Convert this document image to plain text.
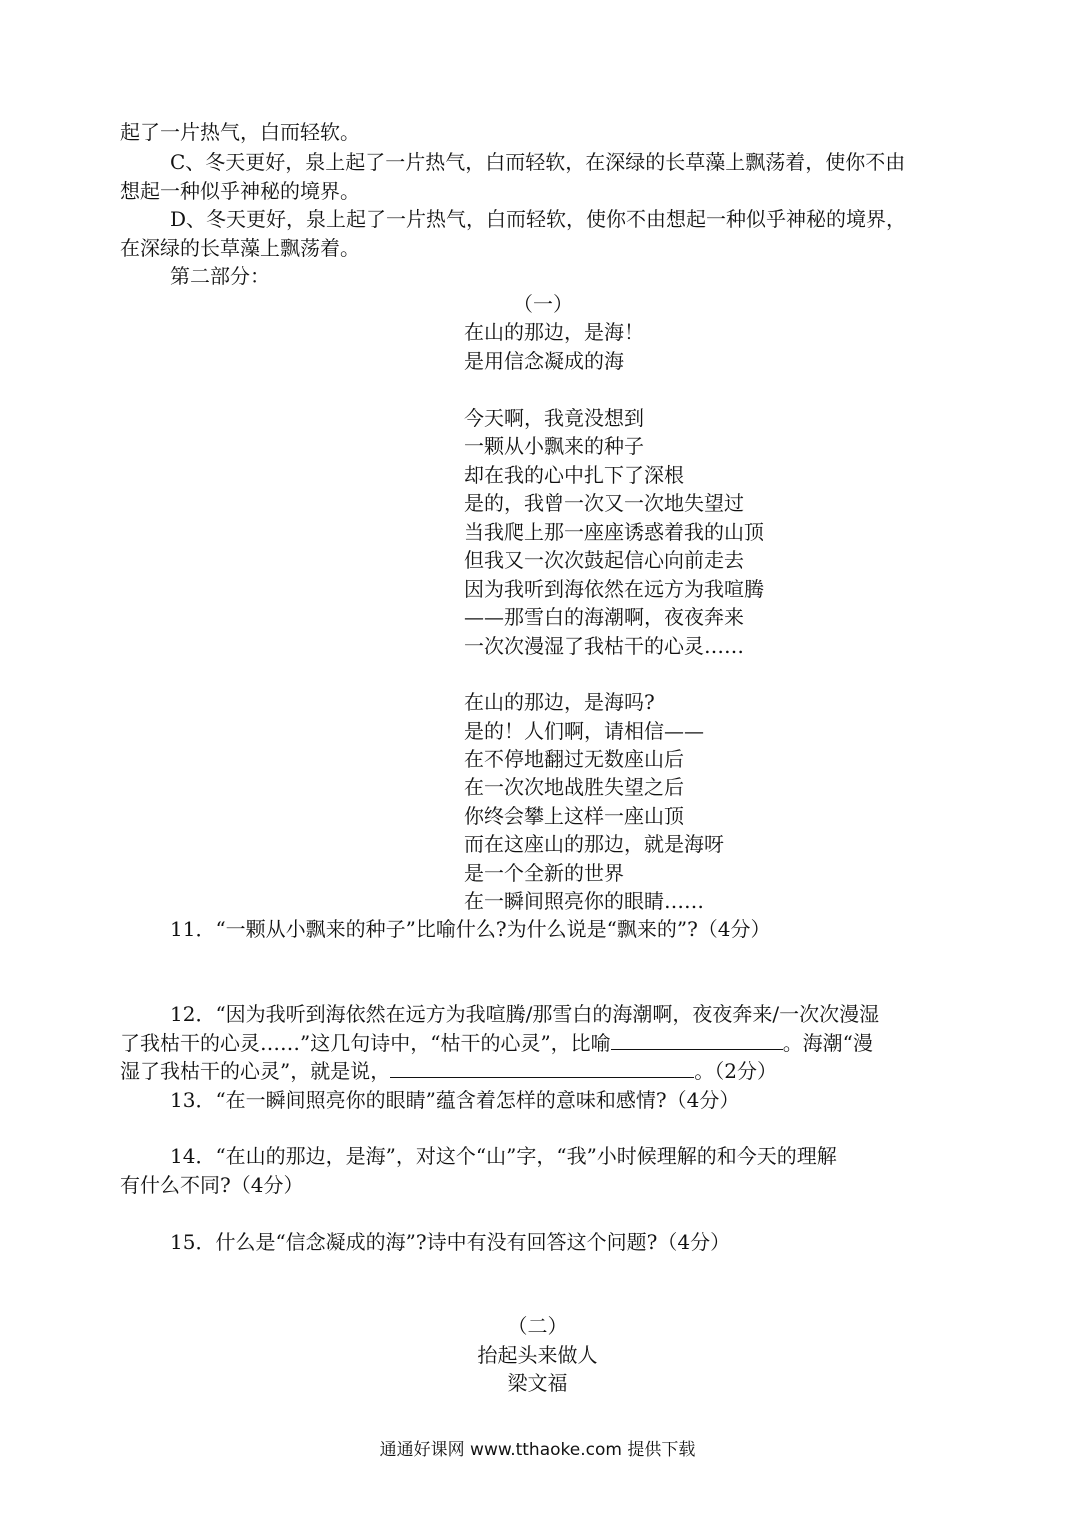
起了一片热气，白而轻软。
C、冬天更好，泉上起了一片热气，白而轻软，在深绿的长草藻上飘荡着，使你不由
想起一种似乎神秘的境界。
D、冬天更好，泉上起了一片热气，白而轻软，使你不由想起一种似乎神秘的境界，
在深绿的长草藻上飘荡着。
第二部分：
（一）
在山的那边，是海！
是用信念凝成的海
今天啊，我竟没想到
一颗从小飘来的种子
却在我的心中扎下了深根
是的，我曾一次又一次地失望过
当我爬上那一座座诱惑着我的山顶
但我又一次次鼓起信心向前走去
因为我听到海依然在远方为我喧腾
——那雪白的海潮啊，夜夜奔来
一次次漫湿了我枯干的心灵……
在山的那边，是海吗?
是的！人们啊，请相信——
在不停地翻过无数座山后
在一次次地战胜失望之后
你终会攀上这样一座山顶
而在这座山的那边，就是海呀
是一个全新的世界
在一瞬间照亮你的眼睛……
11．“一颗从小飘来的种子”比喻什么?为什么说是“飘来的”?（4分）
12．“因为我听到海依然在远方为我喧腾/那雪白的海潮啊，夜夜奔来/一次次漫湿
了我枯干的心灵……”这几句诗中，“枯干的心灵”，比喻	。海潮“漫
湿了我枯干的心灵”，就是说，	。（2分）
13．“在一瞬间照亮你的眼睛”蕴含着怎样的意味和感情?（4分）
14．“在山的那边，是海”，对这个“山”字，“我”小时候理解的和今天的理解
有什么不同?（4分）
15．什么是“信念凝成的海”?诗中有没有回答这个问题?（4分）
（二）
抬起头来做人
梁文福
通通好课网 www.tthaoke.com 提供下载
